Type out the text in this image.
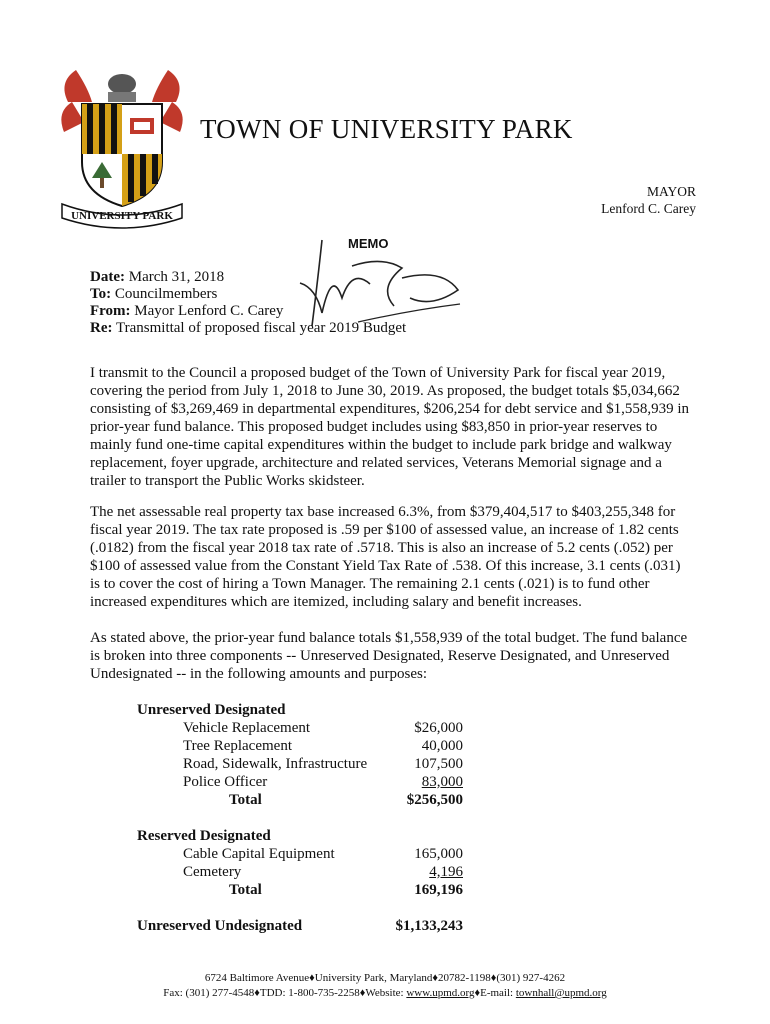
UNIVERSITY PARK
TOWN OF UNIVERSITY PARK
MAYOR
Lenford C. Carey
MEMO
Date: March 31, 2018
To: Councilmembers
From: Mayor Lenford C. Carey
Re: Transmittal of proposed fiscal year 2019 Budget
I transmit to the Council a proposed budget of the Town of University Park for fiscal year 2019, covering the period from July 1, 2018 to June 30, 2019. As proposed, the budget totals $5,034,662 consisting of $3,269,469 in departmental expenditures, $206,254 for debt service and $1,558,939 in prior-year fund balance. This proposed budget includes using $83,850 in prior-year reserves to mainly fund one-time capital expenditures within the budget to include park bridge and walkway replacement, foyer upgrade, architecture and related services, Veterans Memorial signage and a trailer to transport the Public Works skidsteer.
The net assessable real property tax base increased 6.3%, from $379,404,517 to $403,255,348 for fiscal year 2019. The tax rate proposed is .59 per $100 of assessed value, an increase of 1.82 cents (.0182) from the fiscal year 2018 tax rate of .5718. This is also an increase of 5.2 cents (.052) per $100 of assessed value from the Constant Yield Tax Rate of .538. Of this increase, 3.1 cents (.031) is to cover the cost of hiring a Town Manager. The remaining 2.1 cents (.021) is to fund other increased expenditures which are itemized, including salary and benefit increases.
As stated above, the prior-year fund balance totals $1,558,939 of the total budget. The fund balance is broken into three components -- Unreserved Designated, Reserve Designated, and Unreserved Undesignated -- in the following amounts and purposes:
Unreserved Designated
Vehicle Replacement	$26,000
Tree Replacement	40,000
Road, Sidewalk, Infrastructure	107,500
Police Officer	83,000
Total	$256,500
Reserved Designated
Cable Capital Equipment	165,000
Cemetery	4,196
Total	169,196
Unreserved Undesignated	$1,133,243
6724 Baltimore Avenue♦University Park, Maryland♦20782-1198♦(301) 927-4262
Fax: (301) 277-4548♦TDD: 1-800-735-2258♦Website: www.upmd.org♦E-mail: townhall@upmd.org
